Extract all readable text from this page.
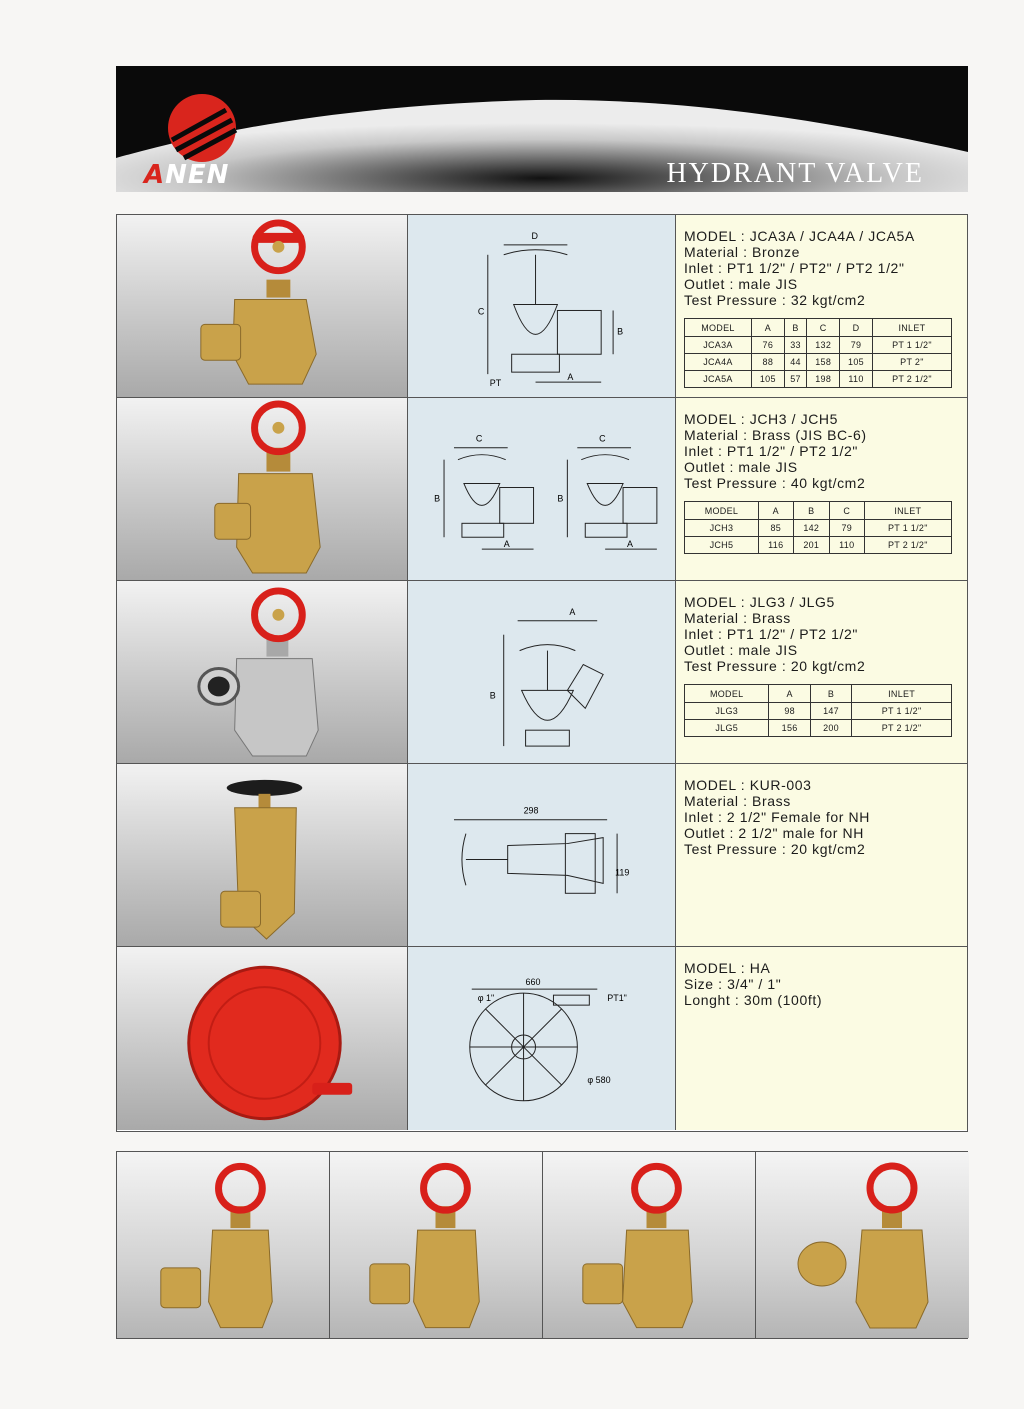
ANEN	HYDRANT VALVE
D
C
B
A
PT
MODEL : JCA3A / JCA4A / JCA5A
Material : Bronze
Inlet : PT1 1/2" / PT2" / PT2 1/2"
Outlet : male JIS
Test Pressure : 32 kgt/cm2
MODEL	A	B	C	D	INLET
JCA3A	76	33	132	79	PT 1 1/2"
JCA4A	88	44	158	105	PT 2"
JCA5A	105	57	198	110	PT 2 1/2"
C
B
A
C
B
A
MODEL : JCH3 / JCH5
Material : Brass (JIS BC-6)
Inlet : PT1 1/2" / PT2 1/2"
Outlet : male JIS
Test Pressure : 40 kgt/cm2
MODEL	A	B	C	INLET
JCH3	85	142	79	PT 1 1/2"
JCH5	116	201	110	PT 2 1/2"
A
B
MODEL : JLG3 / JLG5
Material : Brass
Inlet : PT1 1/2" / PT2 1/2"
Outlet : male JIS
Test Pressure : 20 kgt/cm2
MODEL	A	B	INLET
JLG3	98	147	PT 1 1/2"
JLG5	156	200	PT 2 1/2"
298
119
MODEL : KUR-003
Material : Brass
Inlet : 2 1/2" Female for NH
Outlet : 2 1/2" male for NH
Test Pressure : 20 kgt/cm2
660
φ 1"	PT1"
φ 580
MODEL : HA
Size : 3/4" / 1"
Longht : 30m (100ft)
